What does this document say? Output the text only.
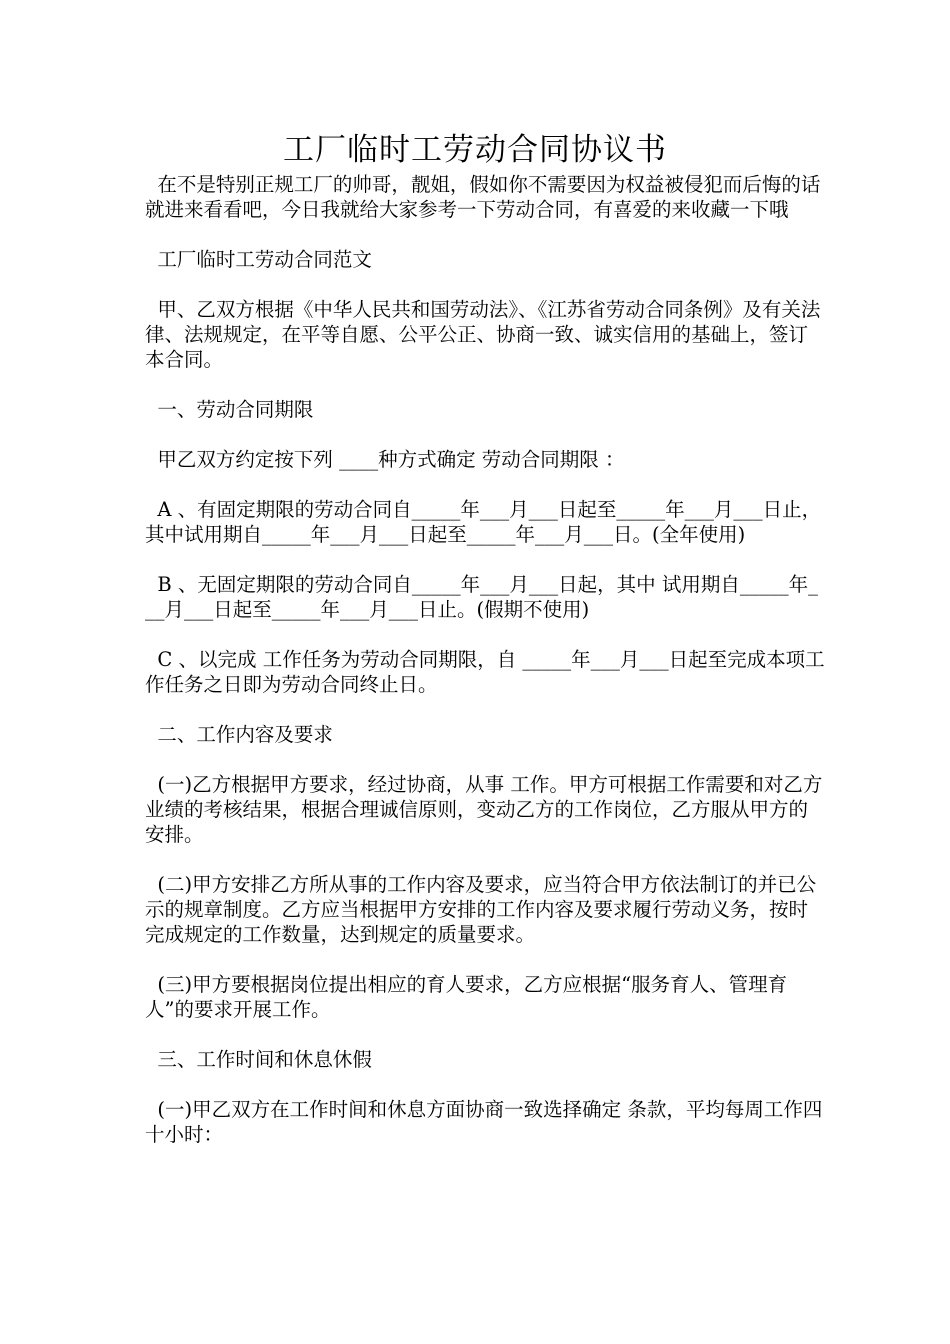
工厂临时工劳动合同协议书

在不是特别正规工厂的帅哥，靓姐，假如你不需要因为权益被侵犯而后悔的话就进来看看吧，今日我就给大家参考一下劳动合同，有喜爱的来收藏一下哦

工厂临时工劳动合同范文

甲、乙双方根据《中华人民共和国劳动法》、《江苏省劳动合同条例》及有关法律、法规规定，在平等自愿、公平公正、协商一致、诚实信用的基础上，签订本合同。

一、劳动合同期限

甲乙双方约定按下列 ____种方式确定 劳动合同期限 ：

A 、有固定期限的劳动合同自_____年___月___日起至_____年___月___日止，其中试用期自_____年___月___日起至_____年___月___日。(全年使用)

B 、无固定期限的劳动合同自_____年___月___日起，其中 试用期自_____年___月___日起至_____年___月___日止。(假期不使用)

C 、以完成 工作任务为劳动合同期限，自 _____年___月___日起至完成本项工作任务之日即为劳动合同终止日。

二、工作内容及要求

(一)乙方根据甲方要求，经过协商，从事 工作。甲方可根据工作需要和对乙方业绩的考核结果，根据合理诚信原则，变动乙方的工作岗位，乙方服从甲方的安排。

(二)甲方安排乙方所从事的工作内容及要求，应当符合甲方依法制订的并已公示的规章制度。乙方应当根据甲方安排的工作内容及要求履行劳动义务，按时完成规定的工作数量，达到规定的质量要求。

(三)甲方要根据岗位提出相应的育人要求，乙方应根据“服务育人、管理育人”的要求开展工作。

三、工作时间和休息休假

(一)甲乙双方在工作时间和休息方面协商一致选择确定 条款，平均每周工作四十小时：
